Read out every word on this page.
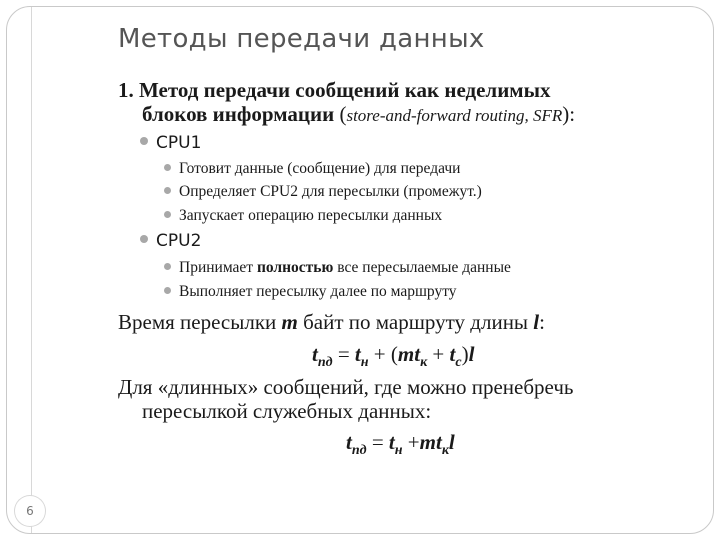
Методы передачи данных
1. Метод передачи сообщений как неделимых
блоков информации (store-and-forward routing, SFR):
CPU1
Готовит данные (сообщение) для передачи
Определяет CPU2 для пересылки (промежут.)
Запускает операцию пересылки данных
CPU2
Принимает полностью все пересылаемые данные
Выполняет пересылку далее по маршруту
Время пересылки m байт по маршруту длины l:
$t_{пд} = t_н + (mt_к + t_с)l$
Для «длинных» сообщений, где можно пренебречь
пересылкой служебных данных:
$t_{пд} = t_н +mt_кl$
6
